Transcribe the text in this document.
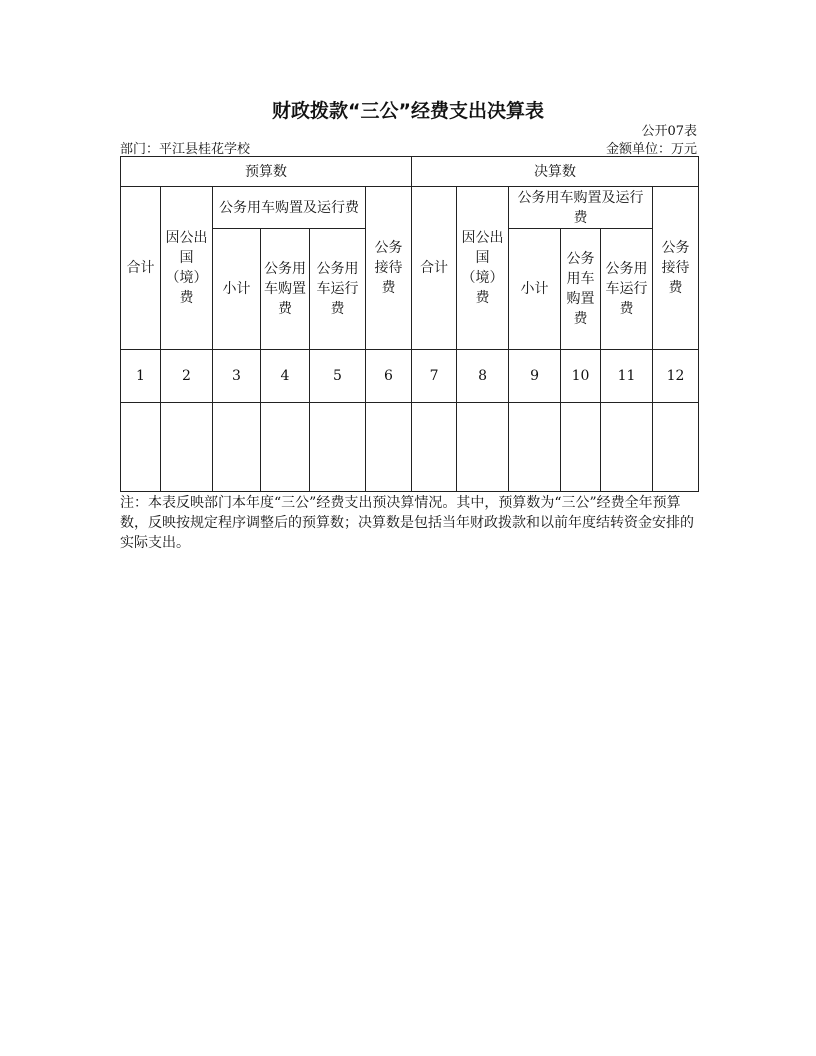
财政拨款“三公”经费支出决算表
公开07表
部门：平江县桂花学校	金额单位：万元
预算数						决算数					
合计	因公出国（境）费	公务用车购置及运行费			公务接待费	合计	因公出国（境）费	公务用车购置及运行费			公务接待费
		小计	公务用车购置费	公务用车运行费				小计	公务用车购置费	公务用车运行费	
1	2	3	4	5	6	7	8	9	10	11	12

注：本表反映部门本年度“三公”经费支出预决算情况。其中，预算数为“三公”经费全年预算数，反映按规定程序调整后的预算数；决算数是包括当年财政拨款和以前年度结转资金安排的实际支出。
